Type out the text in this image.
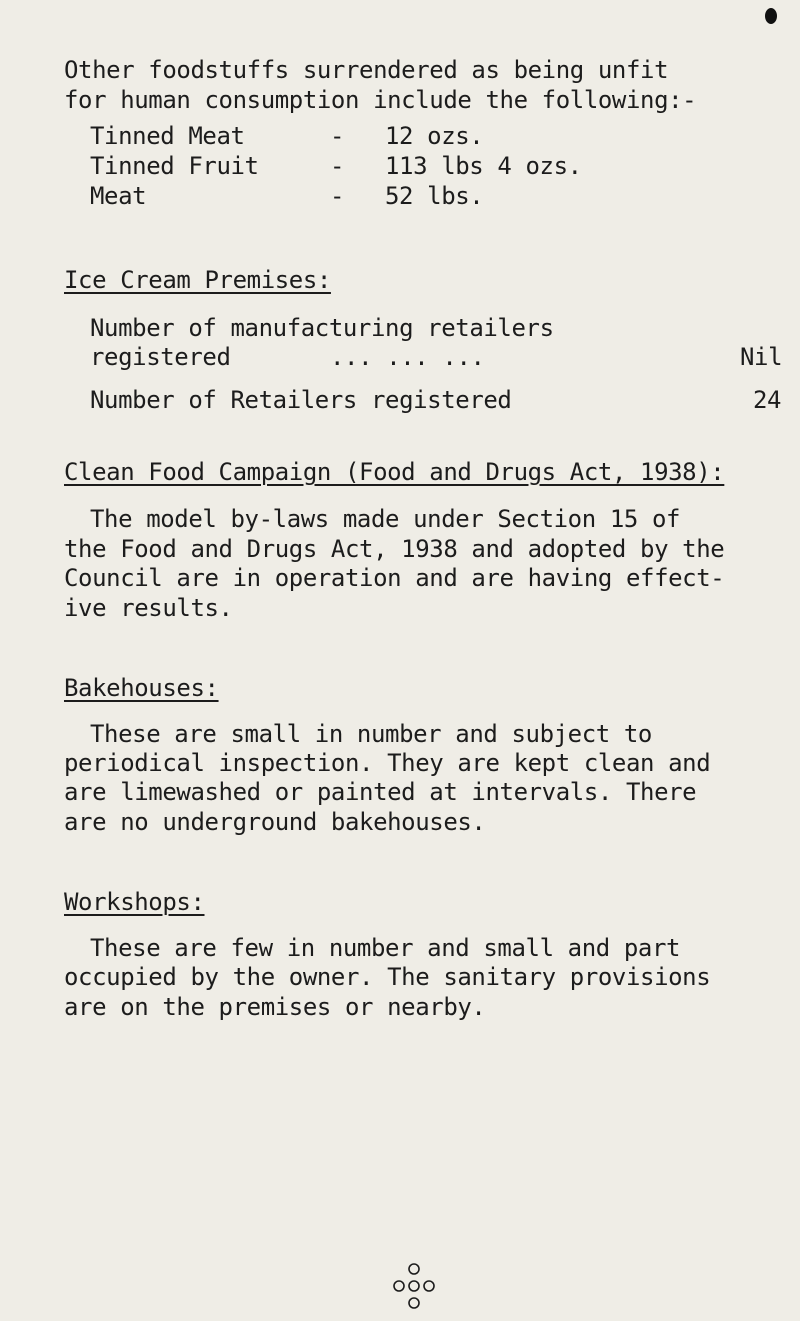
Other foodstuffs surrendered as being unfit
for human consumption include the following:-
Tinned Meat	- 12 ozs.
Tinned Fruit	- 113 lbs 4 ozs.
Meat	- 52 lbs.
Ice Cream Premises:
Number of manufacturing retailers
registered	... ... ...	Nil
Number of Retailers registered	24
Clean Food Campaign (Food and Drugs Act, 1938):
The model by-laws made under Section 15 of
the Food and Drugs Act, 1938 and adopted by the
Council are in operation and are having effect-
ive results.
Bakehouses:
These are small in number and subject to
periodical inspection. They are kept clean and
are limewashed or painted at intervals. There
are no underground bakehouses.
Workshops:
These are few in number and small and part
occupied by the owner. The sanitary provisions
are on the premises or nearby.
